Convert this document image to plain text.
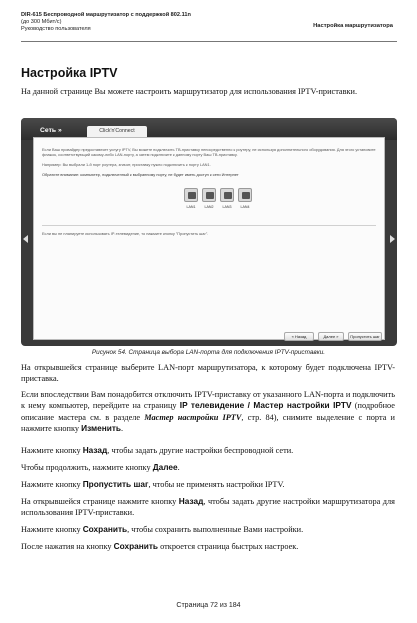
DIR-615 Беспроводной маршрутизатор с поддержкой 802.11n
(до 300 Мбит/с)
Руководство пользователя
Настройка маршрутизатора
Настройка IPTV
На данной странице Вы можете настроить маршрутизатор для использования IPTV-приставки.
Сеть »	Click'n'Connect
Если Ваш провайдер предоставляет услугу IPTV, Вы можете подключить ТВ-приставку непосредственно к роутеру, не используя дополнительного оборудования. Для этого установите флажок, соответствующий какому-либо LAN-порту, а затем подключите к данному порту Ваш ТВ-приставку.
Например: Вы выбрали 1-й порт роутера, значит, приставку нужно подключить к порту LAN1.
Обратите внимание: компьютер, подключенный к выбранному порту, не будет иметь доступ к сети Интернет
LAN1	LAN2	LAN3	LAN4
Если вы не планируете использовать IP-телевидение, то нажмите кнопку "Пропустить шаг".
« Назад	Далее »	Пропустить шаг
Рисунок 54. Страница выбора LAN-порта для подключения IPTV-приставки.
На открывшейся странице выберите LAN-порт маршрутизатора, к которому будет подключена IPTV-приставка.
Если впоследствии Вам понадобится отключить IPTV-приставку от указанного LAN-порта и подключить к нему компьютер, перейдите на страницу IP телевидение / Мастер настройки IPTV (подробное описание мастера см. в разделе Мастер настройки IPTV, стр. 84), снимите выделение с порта и нажмите кнопку Изменить.
Нажмите кнопку Назад, чтобы задать другие настройки беспроводной сети.
Чтобы продолжить, нажмите кнопку Далее.
Нажмите кнопку Пропустить шаг, чтобы не применять настройки IPTV.
На открывшейся странице нажмите кнопку Назад, чтобы задать другие настройки маршрутизатора для использования IPTV-приставки.
Нажмите кнопку Сохранить, чтобы сохранить выполненные Вами настройки.
После нажатия на кнопку Сохранить откроется страница быстрых настроек.
Страница 72 из 184
